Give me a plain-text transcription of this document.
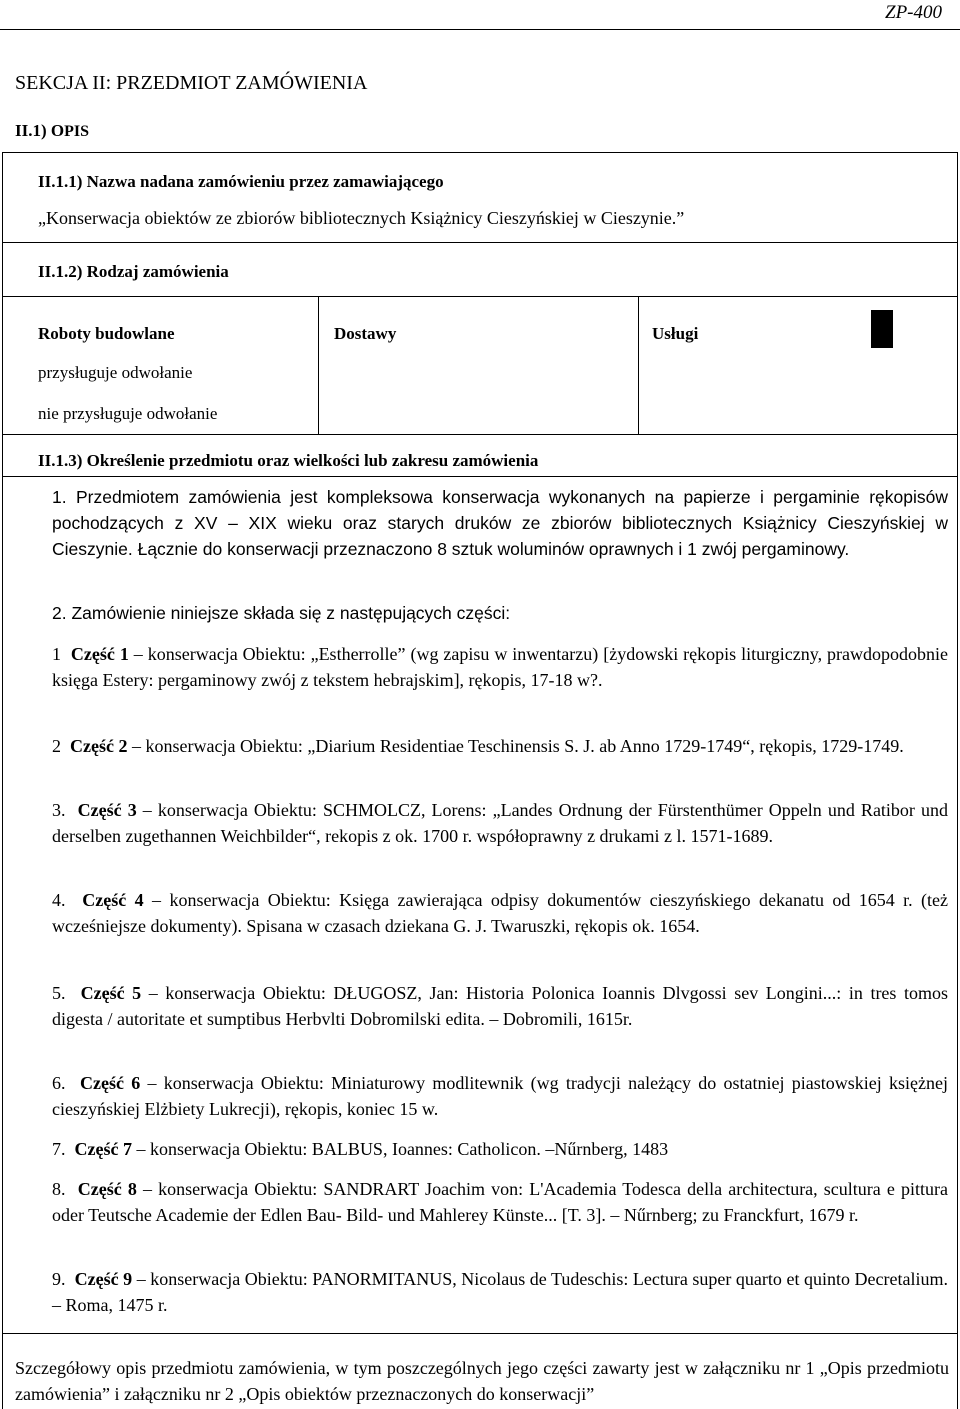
ZP-400
SEKCJA II: PRZEDMIOT ZAMÓWIENIA
II.1) OPIS
II.1.1) Nazwa nadana zamówieniu przez zamawiającego
„Konserwacja obiektów ze zbiorów bibliotecznych Książnicy Cieszyńskiej w Cieszynie.”
II.1.2) Rodzaj zamówienia
Roboty budowlane
przysługuje odwołanie
nie przysługuje odwołanie
Dostawy	Usługi
II.1.3) Określenie przedmiotu oraz wielkości lub zakresu zamówienia
1. Przedmiotem zamówienia jest kompleksowa konserwacja wykonanych na papierze i pergaminie rękopisów pochodzących z XV – XIX wieku oraz starych druków ze zbiorów bibliotecznych Książnicy Cieszyńskiej w Cieszynie. Łącznie do konserwacji przeznaczono 8 sztuk woluminów oprawnych i 1 zwój pergaminowy.
2. Zamówienie niniejsze składa się z następujących części:
1 Część 1 – konserwacja Obiektu: „Estherrolle” (wg zapisu w inwentarzu) [żydowski rękopis liturgiczny, prawdopodobnie księga Estery: pergaminowy zwój z tekstem hebrajskim], rękopis, 17-18 w?.
2 Część 2 – konserwacja Obiektu: „Diarium Residentiae Teschinensis S. J. ab Anno 1729-1749“, rękopis, 1729-1749.
3. Część 3 – konserwacja Obiektu: SCHMOLCZ, Lorens: „Landes Ordnung der Fürstenthümer Oppeln und Ratibor und derselben zugethannen Weichbilder“, rekopis z ok. 1700 r. współoprawny z drukami z l. 1571-1689.
4. Część 4 – konserwacja Obiektu: Księga zawierająca odpisy dokumentów cieszyńskiego dekanatu od 1654 r. (też wcześniejsze dokumenty). Spisana w czasach dziekana G. J. Twaruszki, rękopis ok. 1654.
5. Część 5 – konserwacja Obiektu: DŁUGOSZ, Jan: Historia Polonica Ioannis Dlvgossi sev Longini...: in tres tomos digesta / autoritate et sumptibus Herbvlti Dobromilski edita. – Dobromili, 1615r.
6. Część 6 – konserwacja Obiektu: Miniaturowy modlitewnik (wg tradycji należący do ostatniej piastowskiej księżnej cieszyńskiej Elżbiety Lukrecji), rękopis, koniec 15 w.
7. Część 7 – konserwacja Obiektu: BALBUS, Ioannes: Catholicon. –Nűrnberg, 1483
8. Część 8 – konserwacja Obiektu: SANDRART Joachim von: L'Academia Todesca della architectura, scultura e pittura oder Teutsche Academie der Edlen Bau- Bild- und Mahlerey Künste... [T. 3]. – Nűrnberg; zu Franckfurt, 1679 r.
9. Część 9 – konserwacja Obiektu: PANORMITANUS, Nicolaus de Tudeschis: Lectura super quarto et quinto Decretalium. – Roma, 1475 r.
Szczegółowy opis przedmiotu zamówienia, w tym poszczególnych jego części zawarty jest w załączniku nr 1 „Opis przedmiotu zamówienia” i załączniku nr 2 „Opis obiektów przeznaczonych do konserwacji”
